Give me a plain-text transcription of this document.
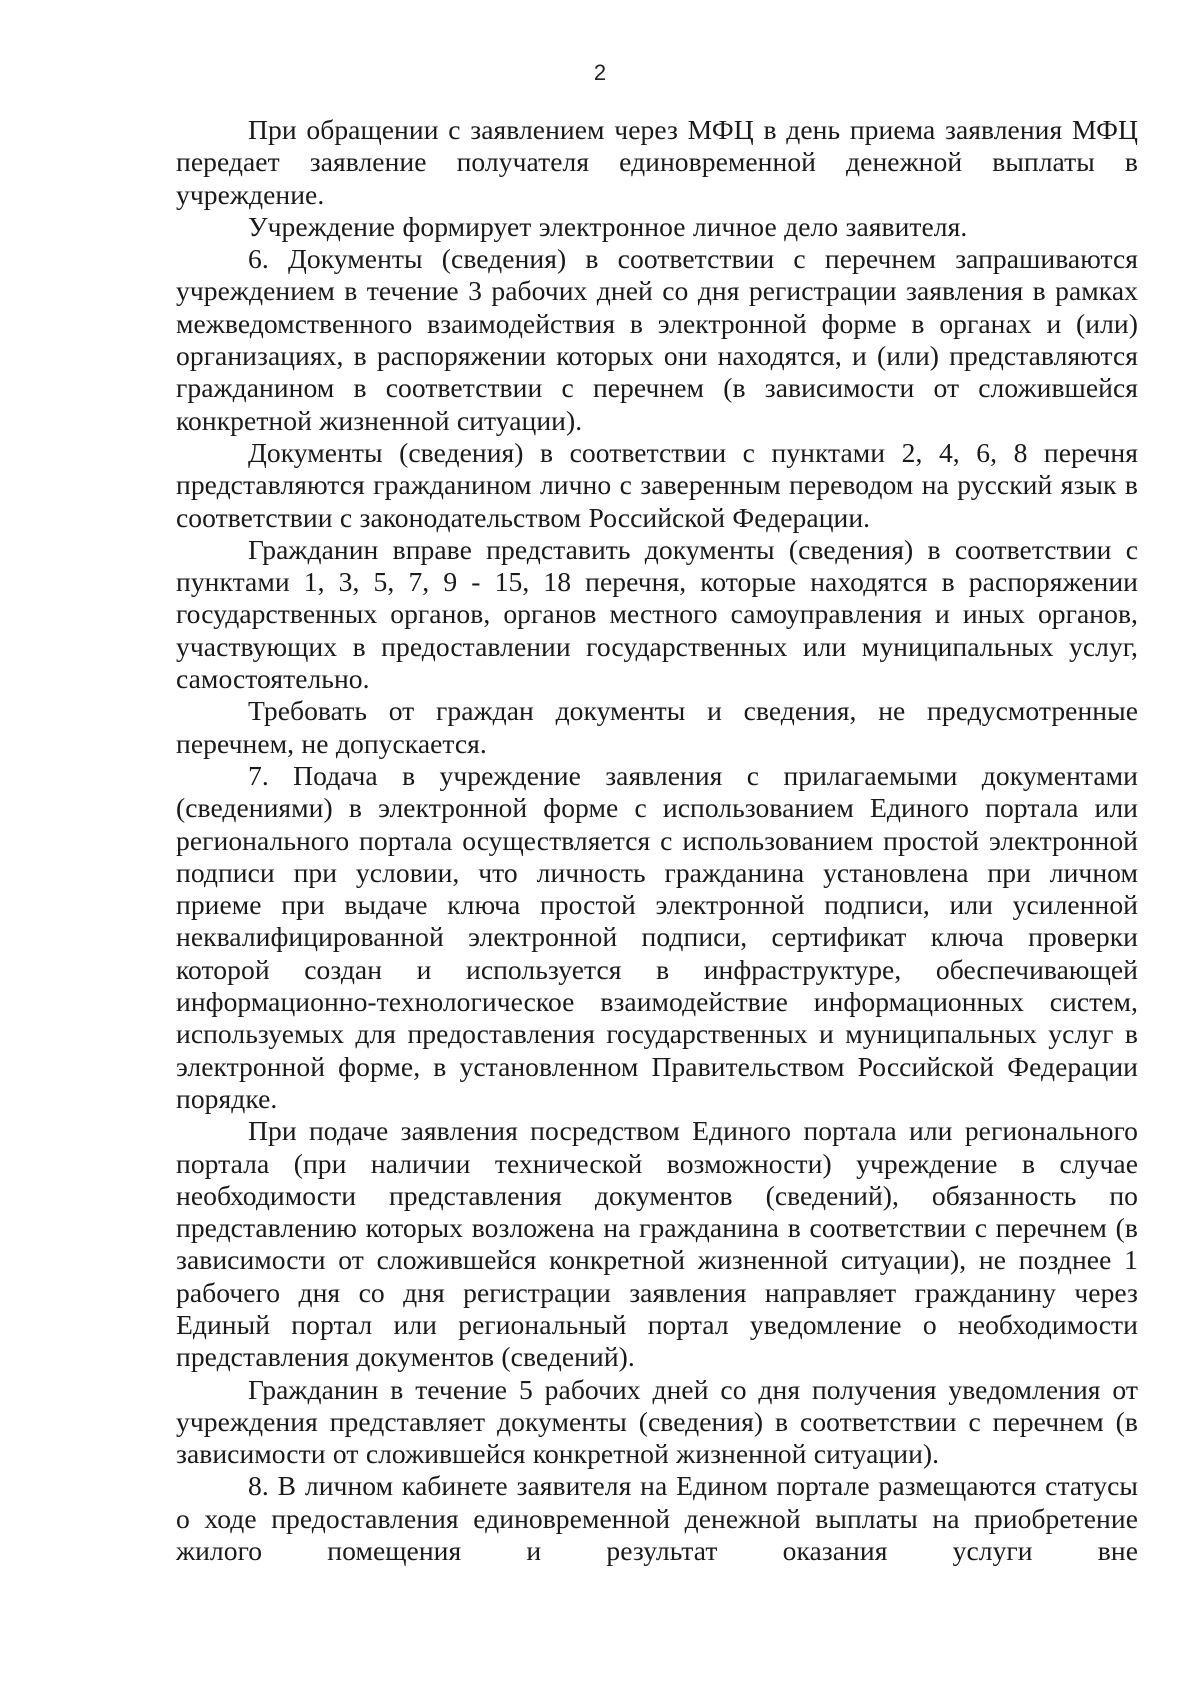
2

При обращении с заявлением через МФЦ в день приема заявления МФЦ передает заявление получателя единовременной денежной выплаты в учреждение.

Учреждение формирует электронное личное дело заявителя.

6. Документы (сведения) в соответствии с перечнем запрашиваются учреждением в течение 3 рабочих дней со дня регистрации заявления в рамках межведомственного взаимодействия в электронной форме в органах и (или) организациях, в распоряжении которых они находятся, и (или) представляются гражданином в соответствии с перечнем (в зависимости от сложившейся конкретной жизненной ситуации).

Документы (сведения) в соответствии с пунктами 2, 4, 6, 8 перечня представляются гражданином лично с заверенным переводом на русский язык в соответствии с законодательством Российской Федерации.

Гражданин вправе представить документы (сведения) в соответствии с пунктами 1, 3, 5, 7, 9 - 15, 18 перечня, которые находятся в распоряжении государственных органов, органов местного самоуправления и иных органов, участвующих в предоставлении государственных или муниципальных услуг, самостоятельно.

Требовать от граждан документы и сведения, не предусмотренные перечнем, не допускается.

7. Подача в учреждение заявления с прилагаемыми документами (сведениями) в электронной форме с использованием Единого портала или регионального портала осуществляется с использованием простой электронной подписи при условии, что личность гражданина установлена при личном приеме при выдаче ключа простой электронной подписи, или усиленной неквалифицированной электронной подписи, сертификат ключа проверки которой создан и используется в инфраструктуре, обеспечивающей информационно-технологическое взаимодействие информационных систем, используемых для предоставления государственных и муниципальных услуг в электронной форме, в установленном Правительством Российской Федерации порядке.

При подаче заявления посредством Единого портала или регионального портала (при наличии технической возможности) учреждение в случае необходимости представления документов (сведений), обязанность по представлению которых возложена на гражданина в соответствии с перечнем (в зависимости от сложившейся конкретной жизненной ситуации), не позднее 1 рабочего дня со дня регистрации заявления направляет гражданину через Единый портал или региональный портал уведомление о необходимости представления документов (сведений).

Гражданин в течение 5 рабочих дней со дня получения уведомления от учреждения представляет документы (сведения) в соответствии с перечнем (в зависимости от сложившейся конкретной жизненной ситуации).

8. В личном кабинете заявителя на Едином портале размещаются статусы о ходе предоставления единовременной денежной выплаты на приобретение жилого помещения и результат оказания услуги вне
